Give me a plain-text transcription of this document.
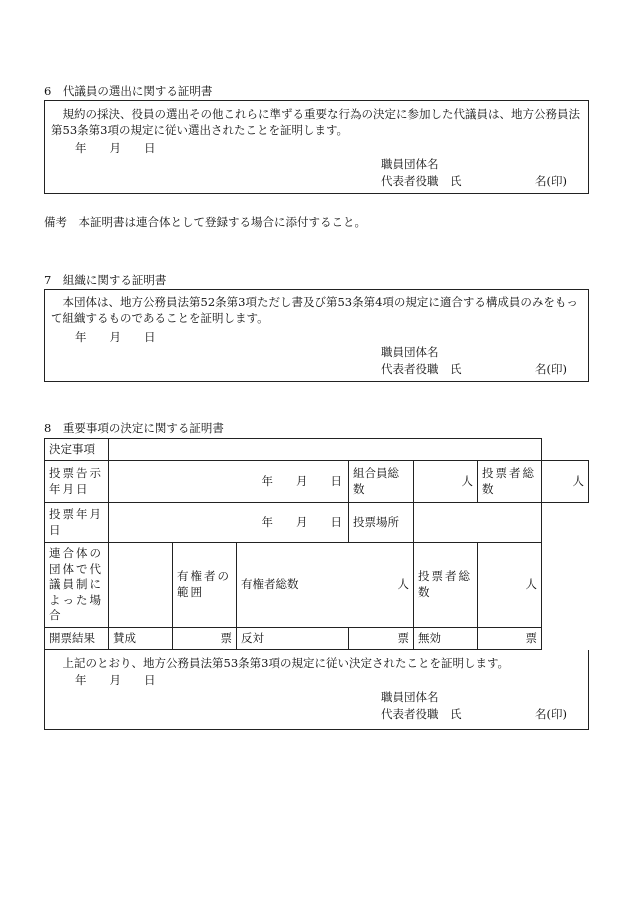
6　代議員の選出に関する証明書
規約の採決、役員の選出その他これらに準ずる重要な行為の決定に参加した代議員は、地方公務員法第53条第3項の規定に従い選出されたことを証明します。
年　　月　　日
職員団体名
代表者役職　氏	名(印)
備考　本証明書は連合体として登録する場合に添付すること。
7　組織に関する証明書
本団体は、地方公務員法第52条第3項ただし書及び第53条第4項の規定に適合する構成員のみをもって組織するものであることを証明します。
年　　月　　日
職員団体名
代表者役職　氏	名(印)
8　重要事項の決定に関する証明書
決定事項							
投票告示年月日	年　　月　　日			組合員総数	人	投票者総数	人
投票年月日	年　　月　　日			投票場所			
連合体の団体で代議員制によった場合		有権者の範囲	有権者総数 人		投票者総数	人	
開票結果	賛成	票	反対	票	無効	票	
上記のとおり、地方公務員法第53条第3項の規定に従い決定されたことを証明します。
年　　月　　日
職員団体名
代表者役職　氏	名(印)
